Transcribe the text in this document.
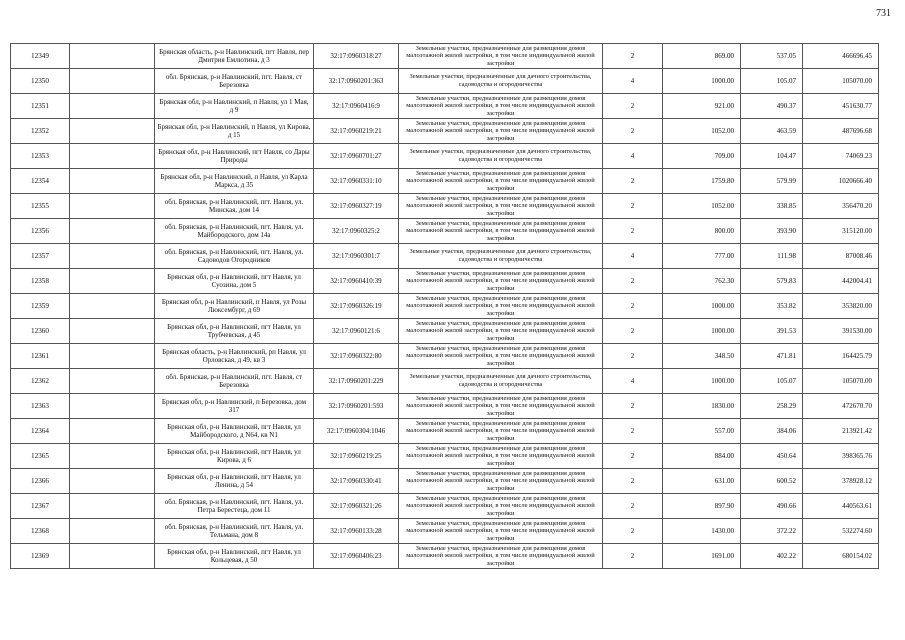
731
12349		Брянская область, р-н Навлинский, пгт Навля, пер Дмитрия Емлютина, д 3	32:17:0960318:27	Земельные участки, предназначенные для размещения домов малоэтажной жилой застройки, в том числе индивидуальной жилой застройки	2	869.00	537.05	466696.45
12350		обл. Брянская, р-н Навлинский, пгт. Навля, ст Березовка	32:17:0960201:363	Земельные участки, предназначенные для дачного строительства, садоводства и огородничества	4	1000.00	105.07	105070.00
12351		Брянская обл, р-н Навлинский, п Навля, ул 1 Мая, д 9	32:17:0960416:9	Земельные участки, предназначенные для размещения домов малоэтажной жилой застройки, в том числе индивидуальной жилой застройки	2	921.00	490.37	451630.77
12352		Брянская обл, р-н Навлинский, п Навля, ул Кирова, д 15	32:17:0960219:21	Земельные участки, предназначенные для размещения домов малоэтажной жилой застройки, в том числе индивидуальной жилой застройки	2	1052.00	463.59	487696.68
12353		Брянская обл, р-н Навлинский, пгт Навля, со Дары Природы	32:17:0960701:27	Земельные участки, предназначенные для дачного строительства, садоводства и огородничества	4	709.00	104.47	74069.23
12354		Брянская обл, р-н Навлинский, п Навля, ул Карла Маркса, д 35	32:17:0960331:10	Земельные участки, предназначенные для размещения домов малоэтажной жилой застройки, в том числе индивидуальной жилой застройки	2	1759.80	579.99	1020666.40
12355		обл. Брянская, р-н Навлинский, пгт. Навля, ул. Минская, дом 14	32:17:0960327:19	Земельные участки, предназначенные для размещения домов малоэтажной жилой застройки, в том числе индивидуальной жилой застройки	2	1052.00	338.85	356470.20
12356		обл. Брянская, р-н Навлинский, пгт. Навля, ул. Майбородского, дом 14а	32:17:0960325:2	Земельные участки, предназначенные для размещения домов малоэтажной жилой застройки, в том числе индивидуальной жилой застройки	2	800.00	393.90	315120.00
12357		обл. Брянская, р-н Навлинский, пгт. Навля, ул. Садоводов Огородников	32:17:0960301:7	Земельные участки, предназначенные для дачного строительства, садоводства и огородничества	4	777.00	111.98	87008.46
12358		Брянская обл, р-н Навлинский, пгт Навля, ул Суозина, дом 5	32:17:0960410:39	Земельные участки, предназначенные для размещения домов малоэтажной жилой застройки, в том числе индивидуальной жилой застройки	2	762.30	579.83	442004.41
12359		Брянская обл, р-н Навлинский, п Навля, ул Розы Люксембург, д 69	32:17:0960326:19	Земельные участки, предназначенные для размещения домов малоэтажной жилой застройки, в том числе индивидуальной жилой застройки	2	1000.00	353.82	353820.00
12360		Брянская обл, р-н Навлинский, пгт Навля, ул Трубчевская, д 45	32:17:0960121:6	Земельные участки, предназначенные для размещения домов малоэтажной жилой застройки, в том числе индивидуальной жилой застройки	2	1000.00	391.53	391530.00
12361		Брянская область, р-н Навлинский, рп Навля, ул Орловская, д 49, кв 3	32:17:0960322:80	Земельные участки, предназначенные для размещения домов малоэтажной жилой застройки, в том числе индивидуальной жилой застройки	2	348.50	471.81	164425.79
12362		обл. Брянская, р-н Навлинский, пгт. Навля, ст Березовка	32:17:0960201:229	Земельные участки, предназначенные для дачного строительства, садоводства и огородничества	4	1000.00	105.07	105070.00
12363		Брянская обл, р-н Навлинский, п Березовка, дом 317	32:17:0960201:593	Земельные участки, предназначенные для размещения домов малоэтажной жилой застройки, в том числе индивидуальной жилой застройки	2	1830.00	258.29	472670.70
12364		Брянская обл, р-н Навлинский, пгт Навля, ул Майбородского, д N64, кв N1	32:17:0960304:1046	Земельные участки, предназначенные для размещения домов малоэтажной жилой застройки, в том числе индивидуальной жилой застройки	2	557.00	384.06	213921.42
12365		Брянская обл, р-н Навлинский, пгт Навля, ул Кирова, д 6	32:17:0960219:25	Земельные участки, предназначенные для размещения домов малоэтажной жилой застройки, в том числе индивидуальной жилой застройки	2	884.00	450.64	398365.76
12366		Брянская обл, р-н Навлинский, пгт Навля, ул Ленина, д 54	32:17:0960330:41	Земельные участки, предназначенные для размещения домов малоэтажной жилой застройки, в том числе индивидуальной жилой застройки	2	631.00	600.52	378928.12
12367		обл. Брянская, р-н Навлинский, пгт. Навля, ул. Петра Берестеца, дом 11	32:17:0960321:26	Земельные участки, предназначенные для размещения домов малоэтажной жилой застройки, в том числе индивидуальной жилой застройки	2	897.90	490.66	440563.61
12368		обл. Брянская, р-н Навлинский, пгт. Навля, ул. Тельмана, дом 8	32:17:0960133:28	Земельные участки, предназначенные для размещения домов малоэтажной жилой застройки, в том числе индивидуальной жилой застройки	2	1430.00	372.22	532274.60
12369		Брянская обл, р-н Навлинский, пгт Навля, ул Кольцевая, д 50	32:17:0960406:23	Земельные участки, предназначенные для размещения домов малоэтажной жилой застройки, в том числе индивидуальной жилой застройки	2	1691.00	402.22	680154.02
